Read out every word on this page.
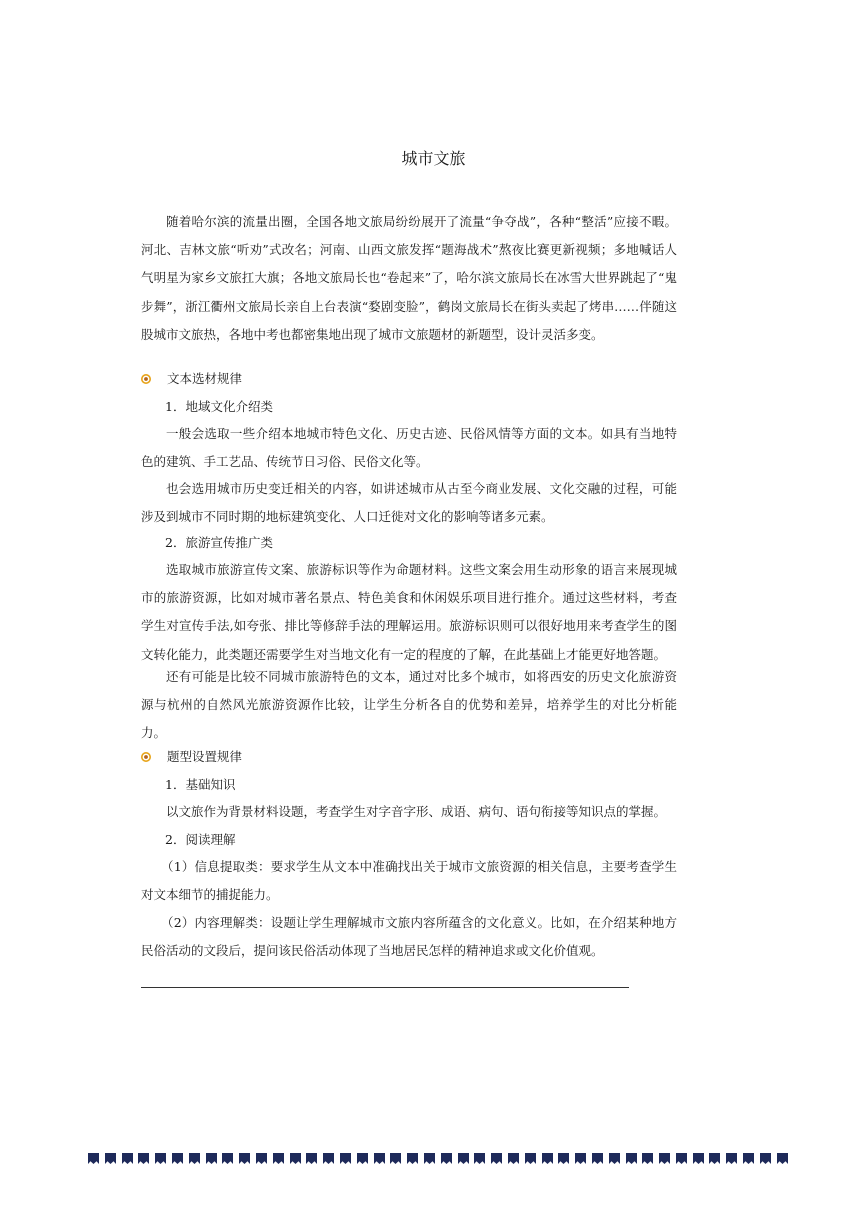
城市文旅

随着哈尔滨的流量出圈，全国各地文旅局纷纷展开了流量“争夺战”，各种“整活”应接不暇。河北、吉林文旅“听劝”式改名；河南、山西文旅发挥“题海战术”熬夜比赛更新视频；多地喊话人气明星为家乡文旅扛大旗；各地文旅局长也“卷起来”了，哈尔滨文旅局长在冰雪大世界跳起了“鬼步舞”，浙江衢州文旅局长亲自上台表演“婺剧变脸”，鹤岗文旅局长在街头卖起了烤串……伴随这股城市文旅热，各地中考也都密集地出现了城市文旅题材的新题型，设计灵活多变。

文本选材规律
1．地域文化介绍类

一般会选取一些介绍本地城市特色文化、历史古迹、民俗风情等方面的文本。如具有当地特色的建筑、手工艺品、传统节日习俗、民俗文化等。

也会选用城市历史变迁相关的内容，如讲述城市从古至今商业发展、文化交融的过程，可能涉及到城市不同时期的地标建筑变化、人口迁徙对文化的影响等诸多元素。

2．旅游宣传推广类

选取城市旅游宣传文案、旅游标识等作为命题材料。这些文案会用生动形象的语言来展现城市的旅游资源，比如对城市著名景点、特色美食和休闲娱乐项目进行推介。通过这些材料，考查学生对宣传手法,如夸张、排比等修辞手法的理解运用。旅游标识则可以很好地用来考查学生的图文转化能力，此类题还需要学生对当地文化有一定的程度的了解，在此基础上才能更好地答题。

还有可能是比较不同城市旅游特色的文本，通过对比多个城市，如将西安的历史文化旅游资源与杭州的自然风光旅游资源作比较，让学生分析各自的优势和差异，培养学生的对比分析能力。

题型设置规律
1．基础知识

以文旅作为背景材料设题，考查学生对字音字形、成语、病句、语句衔接等知识点的掌握。

2．阅读理解

（1）信息提取类：要求学生从文本中准确找出关于城市文旅资源的相关信息，主要考查学生对文本细节的捕捉能力。

（2）内容理解类：设题让学生理解城市文旅内容所蕴含的文化意义。比如，在介绍某种地方民俗活动的文段后，提问该民俗活动体现了当地居民怎样的精神追求或文化价值观。
